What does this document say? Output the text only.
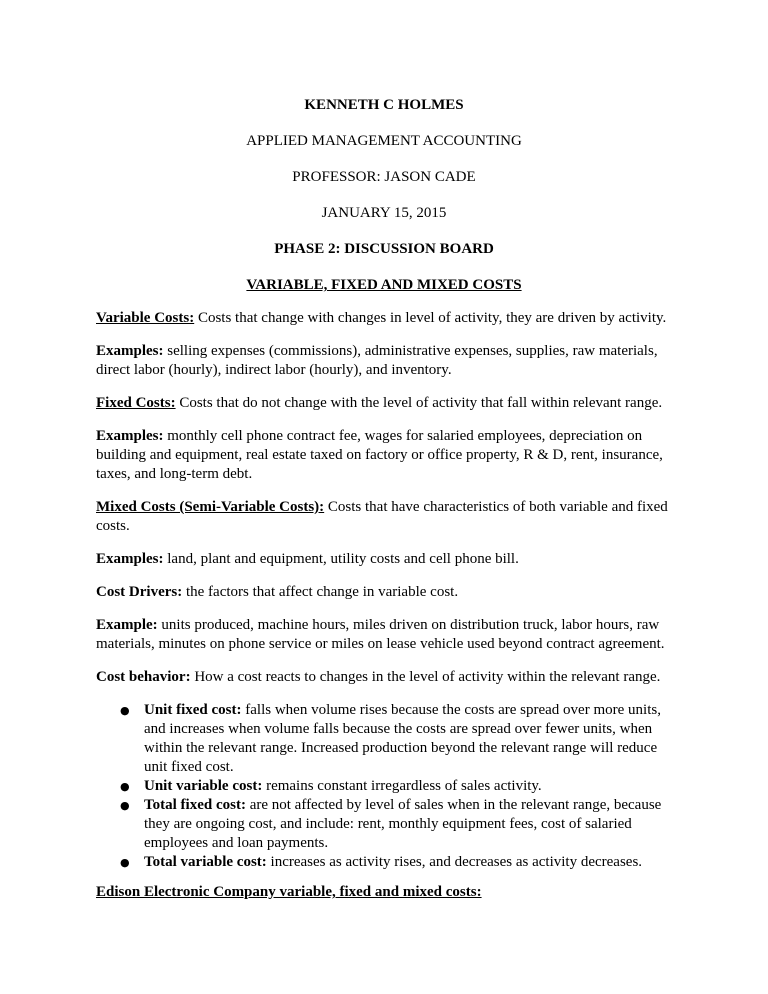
KENNETH C HOLMES
APPLIED MANAGEMENT ACCOUNTING
PROFESSOR: JASON CADE
JANUARY 15, 2015
PHASE 2: DISCUSSION BOARD
VARIABLE, FIXED AND MIXED COSTS

Variable Costs: Costs that change with changes in level of activity, they are driven by activity.

Examples: selling expenses (commissions), administrative expenses, supplies, raw materials, direct labor (hourly), indirect labor (hourly), and inventory.

Fixed Costs: Costs that do not change with the level of activity that fall within relevant range.

Examples: monthly cell phone contract fee, wages for salaried employees, depreciation on building and equipment, real estate taxed on factory or office property, R & D, rent, insurance, taxes, and long-term debt.

Mixed Costs (Semi-Variable Costs): Costs that have characteristics of both variable and fixed costs.

Examples: land, plant and equipment, utility costs and cell phone bill.

Cost Drivers: the factors that affect change in variable cost.

Example: units produced, machine hours, miles driven on distribution truck, labor hours, raw materials, minutes on phone service or miles on lease vehicle used beyond contract agreement.

Cost behavior: How a cost reacts to changes in the level of activity within the relevant range.

● Unit fixed cost: falls when volume rises because the costs are spread over more units, and increases when volume falls because the costs are spread over fewer units, when within the relevant range. Increased production beyond the relevant range will reduce unit fixed cost.
● Unit variable cost: remains constant irregardless of sales activity.
● Total fixed cost: are not affected by level of sales when in the relevant range, because they are ongoing cost, and include: rent, monthly equipment fees, cost of salaried employees and loan payments.
● Total variable cost: increases as activity rises, and decreases as activity decreases.

Edison Electronic Company variable, fixed and mixed costs:
